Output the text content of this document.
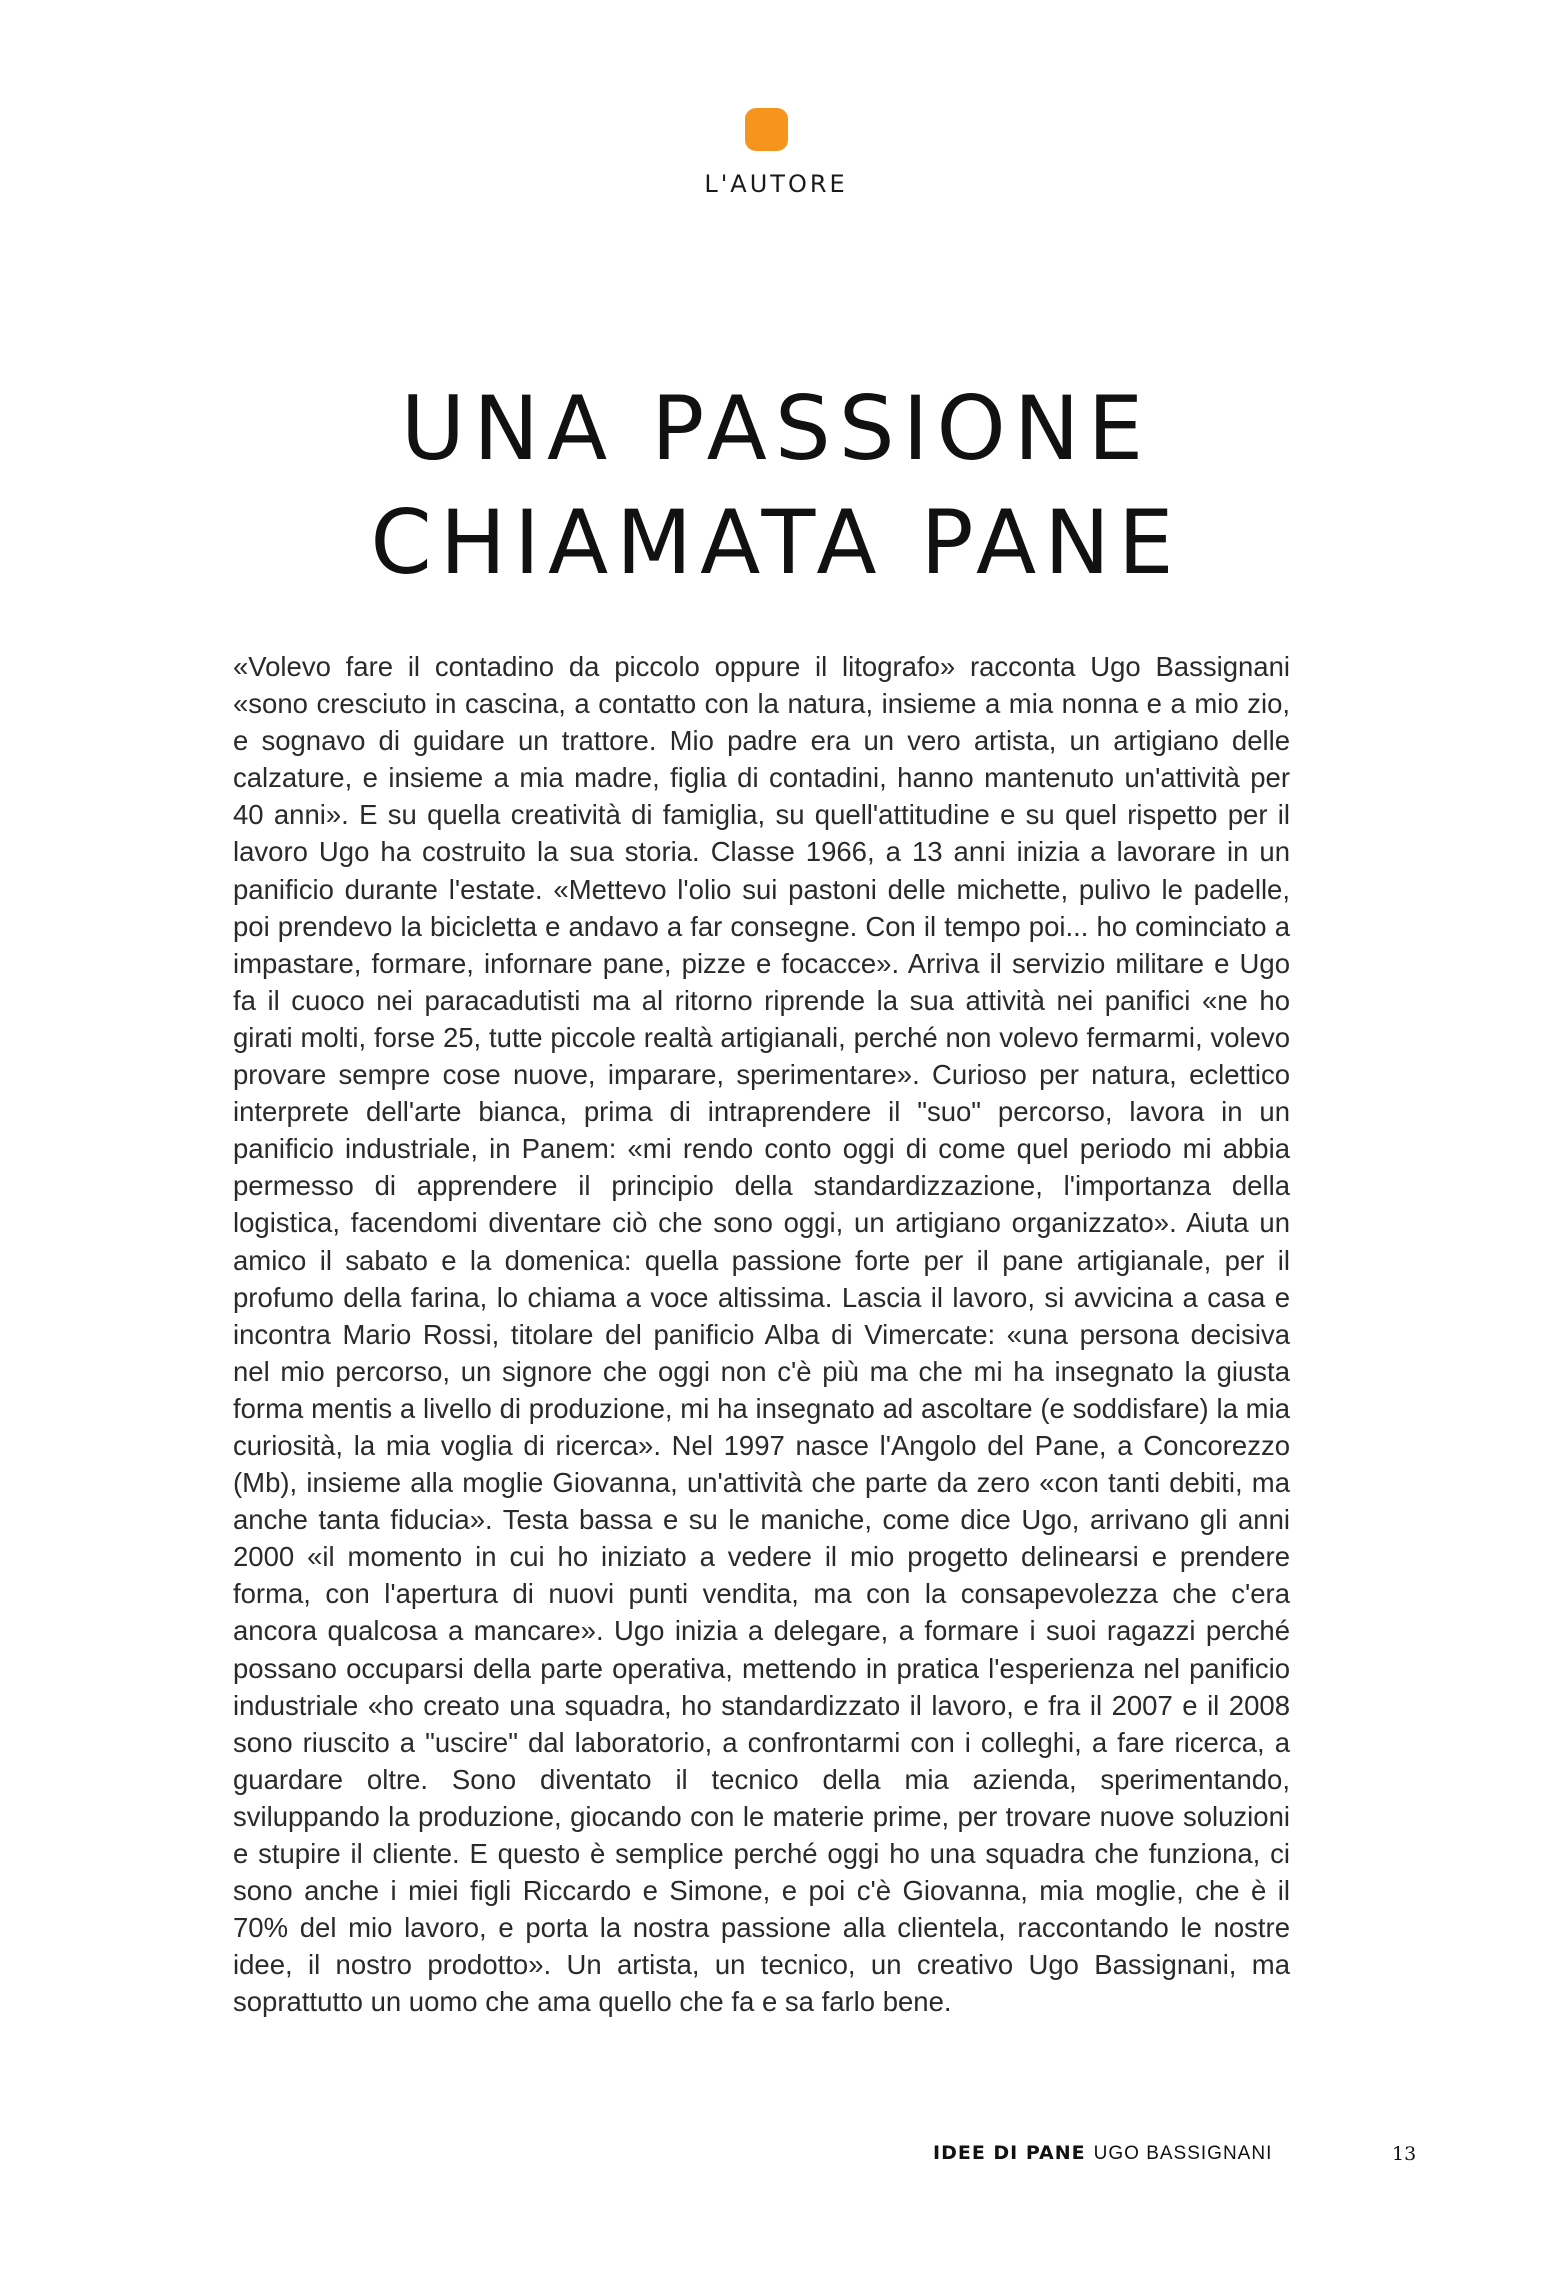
L'AUTORE
UNA PASSIONE
CHIAMATA PANE

«Volevo fare il contadino da piccolo oppure il litografo» racconta Ugo Bassignani «sono cresciuto in cascina, a contatto con la natura, insieme a mia nonna e a mio zio, e sognavo di guidare un trattore. Mio padre era un vero artista, un artigiano delle calzature, e insieme a mia madre, figlia di contadini, hanno mantenuto un'attività per 40 anni». E su quella creatività di famiglia, su quell'attitudine e su quel rispetto per il lavoro Ugo ha costruito la sua storia. Classe 1966, a 13 anni inizia a lavorare in un panificio durante l'estate. «Mettevo l'olio sui pastoni delle michette, pulivo le padelle, poi prendevo la bicicletta e andavo a far consegne. Con il tempo poi... ho cominciato a impastare, formare, infornare pane, pizze e focacce». Arriva il servizio militare e Ugo fa il cuoco nei paracadutisti ma al ritorno riprende la sua attività nei panifici «ne ho girati molti, forse 25, tutte piccole realtà artigianali, perché non volevo fermarmi, volevo provare sempre cose nuove, imparare, sperimentare». Curioso per natura, eclettico interprete dell'arte bianca, prima di intraprendere il "suo" percorso, lavora in un panificio industriale, in Panem: «mi rendo conto oggi di come quel periodo mi abbia permesso di apprendere il principio della standardizzazione, l'importanza della logistica, facendomi diventare ciò che sono oggi, un artigiano organizzato». Aiuta un amico il sabato e la domenica: quella passione forte per il pane artigianale, per il profumo della farina, lo chiama a voce altissima. Lascia il lavoro, si avvicina a casa e incontra Mario Rossi, titolare del panificio Alba di Vimercate: «una persona decisiva nel mio percorso, un signore che oggi non c'è più ma che mi ha insegnato la giusta forma mentis a livello di produzione, mi ha insegnato ad ascoltare (e soddisfare) la mia curiosità, la mia voglia di ricerca». Nel 1997 nasce l'Angolo del Pane, a Concorezzo (Mb), insieme alla moglie Giovanna, un'attività che parte da zero «con tanti debiti, ma anche tanta fiducia». Testa bassa e su le maniche, come dice Ugo, arrivano gli anni 2000 «il momento in cui ho iniziato a vedere il mio progetto delinearsi e prendere forma, con l'apertura di nuovi punti vendita, ma con la consapevolezza che c'era ancora qualcosa a mancare». Ugo inizia a delegare, a formare i suoi ragazzi perché possano occuparsi della parte operativa, mettendo in pratica l'esperienza nel panificio industriale «ho creato una squadra, ho standardizzato il lavoro, e fra il 2007 e il 2008 sono riuscito a "uscire" dal laboratorio, a confrontarmi con i colleghi, a fare ricerca, a guardare oltre. Sono diventato il tecnico della mia azienda, sperimentando, sviluppando la produzione, giocando con le materie prime, per trovare nuove soluzioni e stupire il cliente. E questo è semplice perché oggi ho una squadra che funziona, ci sono anche i miei figli Riccardo e Simone, e poi c'è Giovanna, mia moglie, che è il 70% del mio lavoro, e porta la nostra passione alla clientela, raccontando le nostre idee, il nostro prodotto». Un artista, un tecnico, un creativo Ugo Bassignani, ma soprattutto un uomo che ama quello che fa e sa farlo bene.

IDEE DI PANE UGO BASSIGNANI	13
